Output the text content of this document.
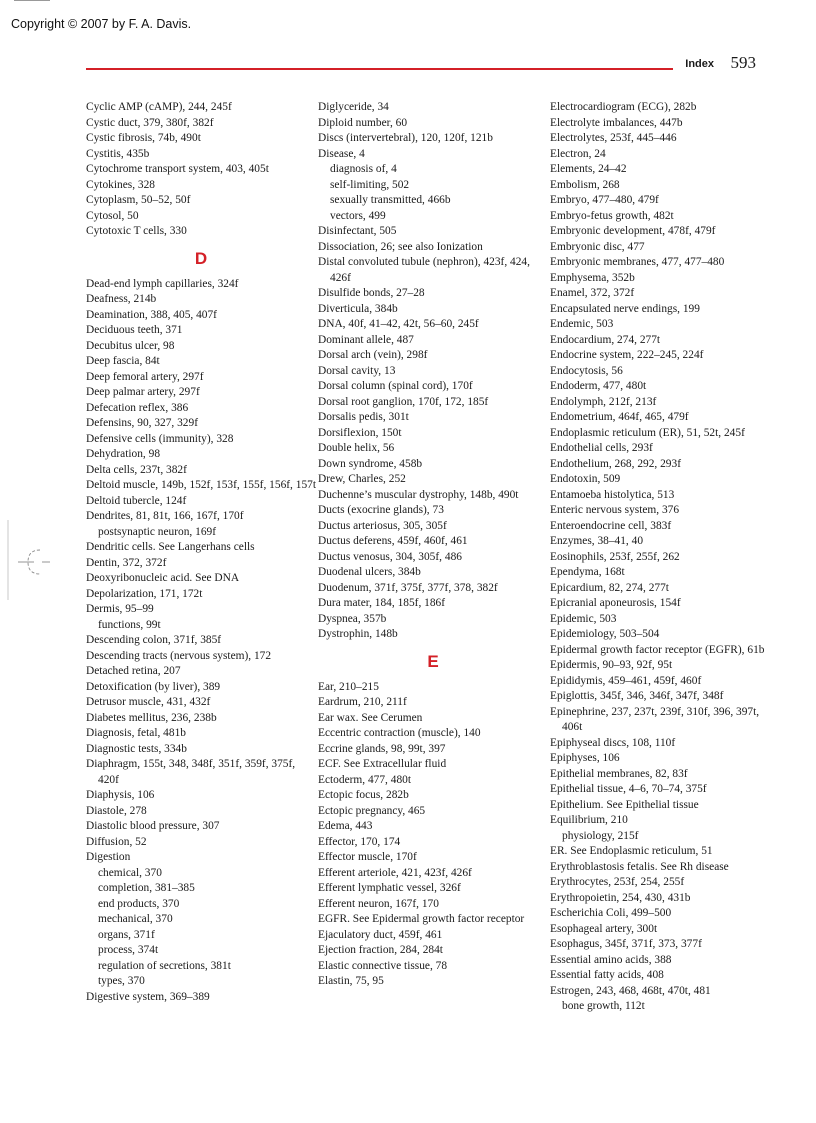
Copyright © 2007 by F. A. Davis.
Index 593
Cyclic AMP (cAMP), 244, 245f
Cystic duct, 379, 380f, 382f
Cystic fibrosis, 74b, 490t
Cystitis, 435b
Cytochrome transport system, 403, 405t
Cytokines, 328
Cytoplasm, 50–52, 50f
Cytosol, 50
Cytotoxic T cells, 330
D
Dead-end lymph capillaries, 324f
Deafness, 214b
Deamination, 388, 405, 407f
Deciduous teeth, 371
Decubitus ulcer, 98
Deep fascia, 84t
Deep femoral artery, 297f
Deep palmar artery, 297f
Defecation reflex, 386
Defensins, 90, 327, 329f
Defensive cells (immunity), 328
Dehydration, 98
Delta cells, 237t, 382f
Deltoid muscle, 149b, 152f, 153f, 155f, 156f, 157t
Deltoid tubercle, 124f
Dendrites, 81, 81t, 166, 167f, 170f
postsynaptic neuron, 169f
Dendritic cells. See Langerhans cells
Dentin, 372, 372f
Deoxyribonucleic acid. See DNA
Depolarization, 171, 172t
Dermis, 95–99
functions, 99t
Descending colon, 371f, 385f
Descending tracts (nervous system), 172
Detached retina, 207
Detoxification (by liver), 389
Detrusor muscle, 431, 432f
Diabetes mellitus, 236, 238b
Diagnosis, fetal, 481b
Diagnostic tests, 334b
Diaphragm, 155t, 348, 348f, 351f, 359f, 375f, 420f
Diaphysis, 106
Diastole, 278
Diastolic blood pressure, 307
Diffusion, 52
Digestion
chemical, 370
completion, 381–385
end products, 370
mechanical, 370
organs, 371f
process, 374t
regulation of secretions, 381t
types, 370
Digestive system, 369–389
Diglyceride, 34
Diploid number, 60
Discs (intervertebral), 120, 120f, 121b
Disease, 4
diagnosis of, 4
self-limiting, 502
sexually transmitted, 466b
vectors, 499
Disinfectant, 505
Dissociation, 26; see also Ionization
Distal convoluted tubule (nephron), 423f, 424, 426f
Disulfide bonds, 27–28
Diverticula, 384b
DNA, 40f, 41–42, 42t, 56–60, 245f
Dominant allele, 487
Dorsal arch (vein), 298f
Dorsal cavity, 13
Dorsal column (spinal cord), 170f
Dorsal root ganglion, 170f, 172, 185f
Dorsalis pedis, 301t
Dorsiflexion, 150t
Double helix, 56
Down syndrome, 458b
Drew, Charles, 252
Duchenne’s muscular dystrophy, 148b, 490t
Ducts (exocrine glands), 73
Ductus arteriosus, 305, 305f
Ductus deferens, 459f, 460f, 461
Ductus venosus, 304, 305f, 486
Duodenal ulcers, 384b
Duodenum, 371f, 375f, 377f, 378, 382f
Dura mater, 184, 185f, 186f
Dyspnea, 357b
Dystrophin, 148b
E
Ear, 210–215
Eardrum, 210, 211f
Ear wax. See Cerumen
Eccentric contraction (muscle), 140
Eccrine glands, 98, 99t, 397
ECF. See Extracellular fluid
Ectoderm, 477, 480t
Ectopic focus, 282b
Ectopic pregnancy, 465
Edema, 443
Effector, 170, 174
Effector muscle, 170f
Efferent arteriole, 421, 423f, 426f
Efferent lymphatic vessel, 326f
Efferent neuron, 167f, 170
EGFR. See Epidermal growth factor receptor
Ejaculatory duct, 459f, 461
Ejection fraction, 284, 284t
Elastic connective tissue, 78
Elastin, 75, 95
Electrocardiogram (ECG), 282b
Electrolyte imbalances, 447b
Electrolytes, 253f, 445–446
Electron, 24
Elements, 24–42
Embolism, 268
Embryo, 477–480, 479f
Embryo-fetus growth, 482t
Embryonic development, 478f, 479f
Embryonic disc, 477
Embryonic membranes, 477, 477–480
Emphysema, 352b
Enamel, 372, 372f
Encapsulated nerve endings, 199
Endemic, 503
Endocardium, 274, 277t
Endocrine system, 222–245, 224f
Endocytosis, 56
Endoderm, 477, 480t
Endolymph, 212f, 213f
Endometrium, 464f, 465, 479f
Endoplasmic reticulum (ER), 51, 52t, 245f
Endothelial cells, 293f
Endothelium, 268, 292, 293f
Endotoxin, 509
Entamoeba histolytica, 513
Enteric nervous system, 376
Enteroendocrine cell, 383f
Enzymes, 38–41, 40
Eosinophils, 253f, 255f, 262
Ependyma, 168t
Epicardium, 82, 274, 277t
Epicranial aponeurosis, 154f
Epidemic, 503
Epidemiology, 503–504
Epidermal growth factor receptor (EGFR), 61b
Epidermis, 90–93, 92f, 95t
Epididymis, 459–461, 459f, 460f
Epiglottis, 345f, 346, 346f, 347f, 348f
Epinephrine, 237, 237t, 239f, 310f, 396, 397t, 406t
Epiphyseal discs, 108, 110f
Epiphyses, 106
Epithelial membranes, 82, 83f
Epithelial tissue, 4–6, 70–74, 375f
Epithelium. See Epithelial tissue
Equilibrium, 210
physiology, 215f
ER. See Endoplasmic reticulum, 51
Erythroblastosis fetalis. See Rh disease
Erythrocytes, 253f, 254, 255f
Erythropoietin, 254, 430, 431b
Escherichia Coli, 499–500
Esophageal artery, 300t
Esophagus, 345f, 371f, 373, 377f
Essential amino acids, 388
Essential fatty acids, 408
Estrogen, 243, 468, 468t, 470t, 481
bone growth, 112t
